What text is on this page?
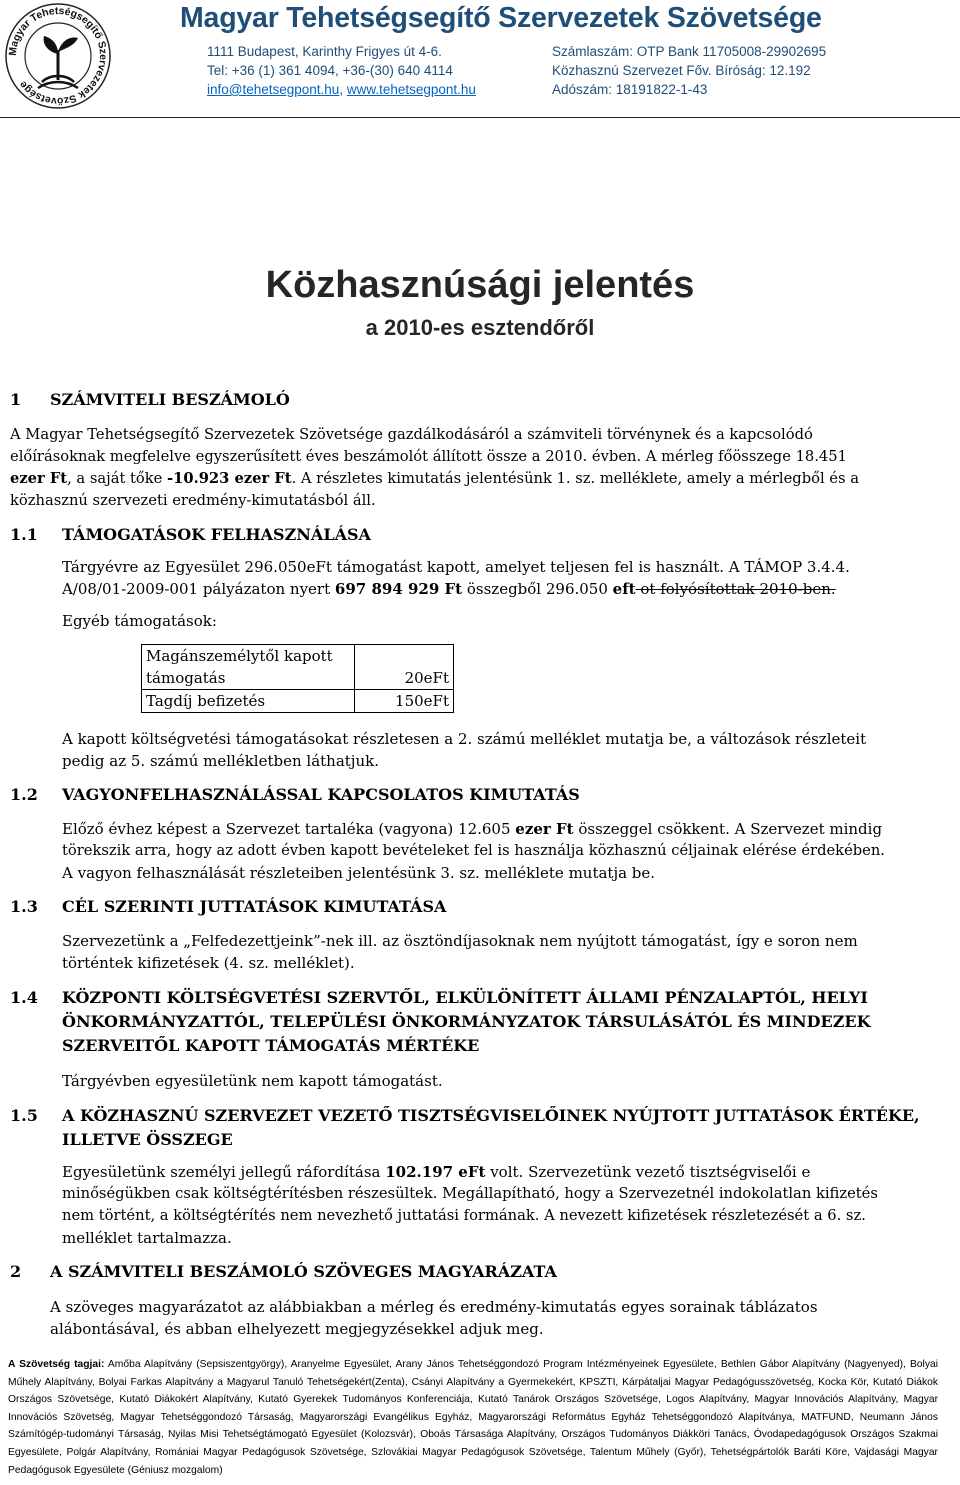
Magyar Tehetségsegítő Szervezetek Szövetsége
Magyar Tehetségsegítő Szervezetek Szövetsége
1111 Budapest, Karinthy Frigyes út 4-6.
Tel: +36 (1) 361 4094, +36-(30) 640 4114
info@tehetsegpont.hu, www.tehetsegpont.hu
Számlaszám: OTP Bank 11705008-29902695
Közhasznú Szervezet Főv. Bíróság: 12.192
Adószám: 18191822-1-43
Közhasznúsági jelentés
a 2010-es esztendőről
1 SZÁMVITELI BESZÁMOLÓ
A Magyar Tehetségsegítő Szervezetek Szövetsége gazdálkodásáról a számviteli törvénynek és a kapcsolódó
előírásoknak megfelelve egyszerűsített éves beszámolót állított össze a 2010. évben. A mérleg főösszege 18.451
ezer Ft, a saját tőke -10.923 ezer Ft. A részletes kimutatás jelentésünk 1. sz. melléklete, amely a mérlegből és a
közhasznú szervezeti eredmény-kimutatásból áll.
1.1 TÁMOGATÁSOK FELHASZNÁLÁSA
Tárgyévre az Egyesület 296.050eFt támogatást kapott, amelyet teljesen fel is használt. A TÁMOP 3.4.4.
A/08/01-2009-001 pályázaton nyert 697 894 929 Ft összegből 296.050 eft ot folyósítottak 2010-ben.
Egyéb támogatások:
Magánszemélytől kapott támogatás	20eFt
Tagdíj befizetés	150eFt
A kapott költségvetési támogatásokat részletesen a 2. számú melléklet mutatja be, a változások részleteit
pedig az 5. számú mellékletben láthatjuk.
1.2 VAGYONFELHASZNÁLÁSSAL KAPCSOLATOS KIMUTATÁS
Előző évhez képest a Szervezet tartaléka (vagyona) 12.605 ezer Ft összeggel csökkent. A Szervezet mindig
törekszik arra, hogy az adott évben kapott bevételeket fel is használja közhasznú céljainak elérése érdekében.
A vagyon felhasználását részleteiben jelentésünk 3. sz. melléklete mutatja be.
1.3 CÉL SZERINTI JUTTATÁSOK KIMUTATÁSA
Szervezetünk a „Felfedezettjeink”-nek ill. az ösztöndíjasoknak nem nyújtott támogatást, így e soron nem
történtek kifizetések (4. sz. melléklet).
1.4 KÖZPONTI KÖLTSÉGVETÉSI SZERVTŐL, ELKÜLÖNÍTETT ÁLLAMI PÉNZALAPTÓL, HELYI
ÖNKORMÁNYZATTÓL, TELEPÜLÉSI ÖNKORMÁNYZATOK TÁRSULÁSÁTÓL ÉS MINDEZEK
SZERVEITŐL KAPOTT TÁMOGATÁS MÉRTÉKE
Tárgyévben egyesületünk nem kapott támogatást.
1.5 A KÖZHASZNÚ SZERVEZET VEZETŐ TISZTSÉGVISELŐINEK NYÚJTOTT JUTTATÁSOK ÉRTÉKE,
ILLETVE ÖSSZEGE
Egyesületünk személyi jellegű ráfordítása 102.197 eFt volt. Szervezetünk vezető tisztségviselői e
minőségükben csak költségtérítésben részesültek. Megállapítható, hogy a Szervezetnél indokolatlan kifizetés
nem történt, a költségtérítés nem nevezhető juttatási formának. A nevezett kifizetések részletezését a 6. sz.
melléklet tartalmazza.
2 A SZÁMVITELI BESZÁMOLÓ SZÖVEGES MAGYARÁZATA
A szöveges magyarázatot az alábbiakban a mérleg és eredmény-kimutatás egyes sorainak táblázatos
alábontásával, és abban elhelyezett megjegyzésekkel adjuk meg.
A Szövetség tagjai: Amőba Alapítvány (Sepsiszentgyörgy), Aranyelme Egyesület, Arany János Tehetséggondozó Program Intézményeinek Egyesülete, Bethlen Gábor Alapítvány (Nagyenyed), Bolyai Műhely Alapítvány, Bolyai Farkas Alapítvány a Magyarul Tanuló Tehetségekért(Zenta), Csányi Alapítvány a Gyermekekért, KPSZTI, Kárpátaljai Magyar Pedagógusszövetség, Kocka Kör, Kutató Diákok Országos Szövetsége, Kutató Diákokért Alapítvány, Kutató Gyerekek Tudományos Konferenciája, Kutató Tanárok Országos Szövetsége, Logos Alapítvány, Magyar Innovációs Alapítvány, Magyar Innovációs Szövetség, Magyar Tehetséggondozó Társaság, Magyarországi Evangélikus Egyház, Magyarországi Református Egyház Tehetséggondozó Alapítványa, MATFUND, Neumann János Számítógép-tudományi Társaság, Nyilas Misi Tehetségtámogató Egyesület (Kolozsvár), Oboás Társasága Alapítvány, Országos Tudományos Diákköri Tanács, Óvodapedagógusok Országos Szakmai Egyesülete, Polgár Alapítvány, Romániai Magyar Pedagógusok Szövetsége, Szlovákiai Magyar Pedagógusok Szövetsége, Talentum Műhely (Győr), Tehetségpártolók Baráti Köre, Vajdasági Magyar Pedagógusok Egyesülete (Géniusz mozgalom)
